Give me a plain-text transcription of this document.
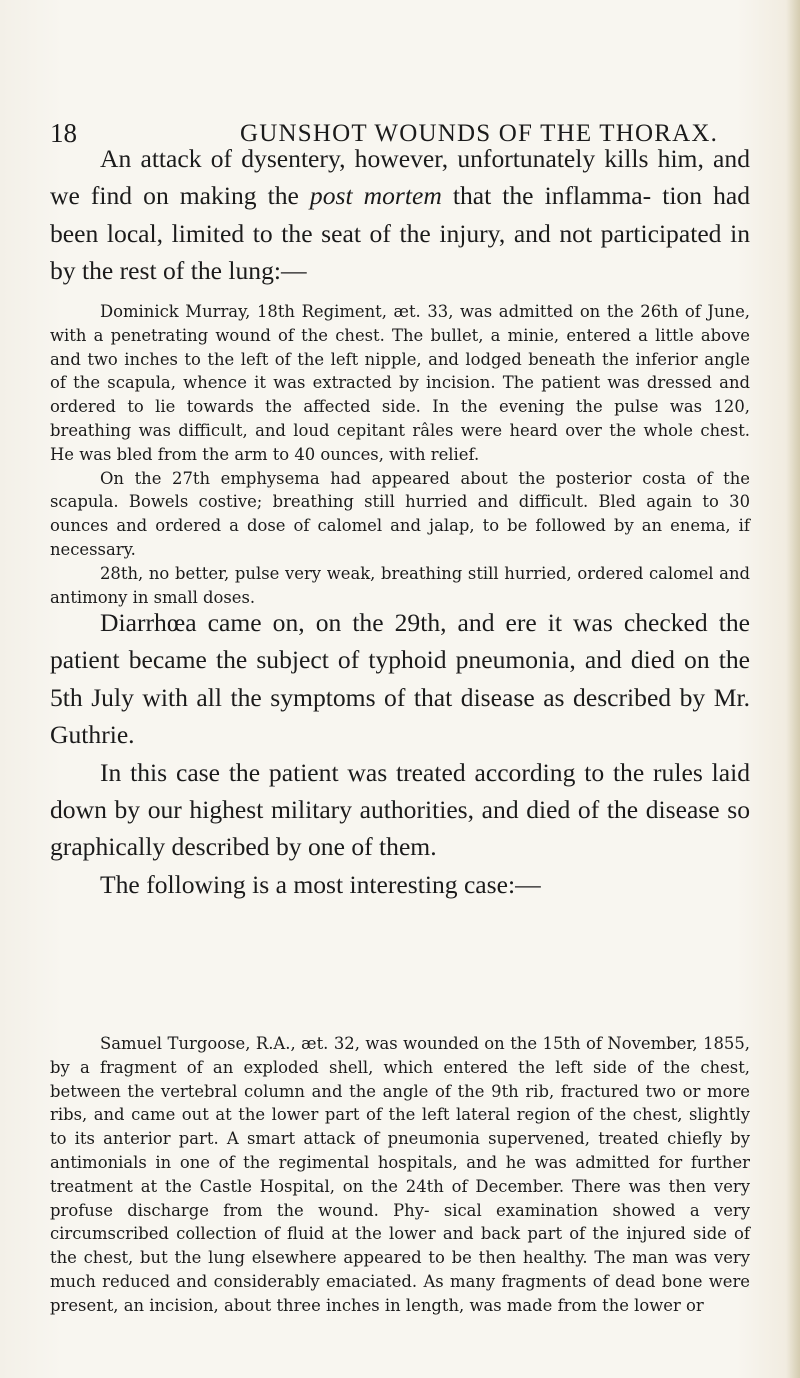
18	GUNSHOT WOUNDS OF THE THORAX.

An attack of dysentery, however, unfortunately kills him, and we find on making the post mortem that the inflamma- tion had been local, limited to the seat of the injury, and not participated in by the rest of the lung:—

Dominick Murray, 18th Regiment, æt. 33, was admitted on the 26th of June, with a penetrating wound of the chest. The bullet, a minie, entered a little above and two inches to the left of the left nipple, and lodged beneath the inferior angle of the scapula, whence it was extracted by incision. The patient was dressed and ordered to lie towards the affected side. In the evening the pulse was 120, breathing was difficult, and loud cepitant râles were heard over the whole chest. He was bled from the arm to 40 ounces, with relief.

On the 27th emphysema had appeared about the posterior costa of the scapula. Bowels costive; breathing still hurried and difficult. Bled again to 30 ounces and ordered a dose of calomel and jalap, to be followed by an enema, if necessary.

28th, no better, pulse very weak, breathing still hurried, ordered calomel and antimony in small doses.

Diarrhœa came on, on the 29th, and ere it was checked the patient became the subject of typhoid pneumonia, and died on the 5th July with all the symptoms of that disease as described by Mr. Guthrie.

In this case the patient was treated according to the rules laid down by our highest military authorities, and died of the disease so graphically described by one of them.

The following is a most interesting case:—

Samuel Turgoose, R.A., æt. 32, was wounded on the 15th of November, 1855, by a fragment of an exploded shell, which entered the left side of the chest, between the vertebral column and the angle of the 9th rib, fractured two or more ribs, and came out at the lower part of the left lateral region of the chest, slightly to its anterior part. A smart attack of pneumonia supervened, treated chiefly by antimonials in one of the regimental hospitals, and he was admitted for further treatment at the Castle Hospital, on the 24th of December. There was then very profuse discharge from the wound. Phy- sical examination showed a very circumscribed collection of fluid at the lower and back part of the injured side of the chest, but the lung elsewhere appeared to be then healthy. The man was very much reduced and considerably emaciated. As many fragments of dead bone were present, an incision, about three inches in length, was made from the lower or
